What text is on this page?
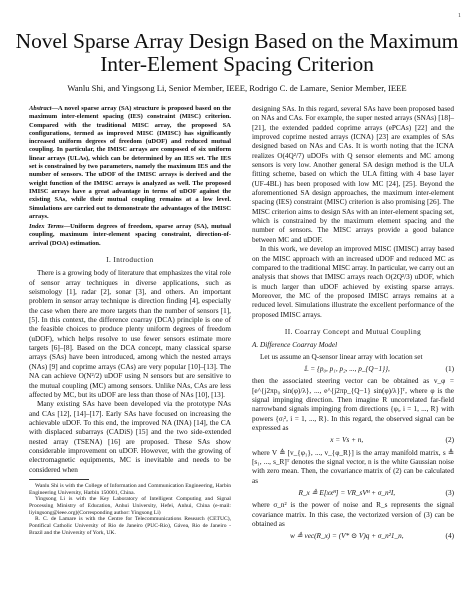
1
Novel Sparse Array Design Based on the Maximum Inter-Element Spacing Criterion
Wanlu Shi, and Yingsong Li, Senior Member, IEEE, Rodrigo C. de Lamare, Senior Member, IEEE
Abstract—A novel sparse array (SA) structure is proposed based on the maximum inter-element spacing (IES) constraint (MISC) criterion. Compared with the traditional MISC array, the proposed SA configurations, termed as improved MISC (IMISC) has significantly increased uniform degrees of freedom (uDOF) and reduced mutual coupling. In particular, the IMISC arrays are composed of six uniform linear arrays (ULAs), which can be determined by an IES set. The IES set is constrained by two parameters, namely the maximum IES and the number of sensors. The uDOF of the IMISC arrays is derived and the weight function of the IMISC arrays is analyzed as well. The proposed IMISC arrays have a great advantage in terms of uDOF against the existing SAs, while their mutual coupling remains at a low level. Simulations are carried out to demonstrate the advantages of the IMISC arrays.
Index Terms—Uniform degrees of freedom, sparse array (SA), mutual coupling, maximum inter-element spacing constraint, direction-of-arrival (DOA) estimation.
I. Introduction

There is a growing body of literature that emphasizes the vital role of sensor array techniques in diverse applications, such as seismology [1], radar [2], sonar [3], and others. An important problem in sensor array technique is direction finding [4], especially the case when there are more targets than the number of sensors [1], [5]. In this context, the difference coarray (DCA) principle is one of the feasible choices to produce plenty uniform degrees of freedom (uDOF), which helps resolve to use fewer sensors estimate more targets [6]–[8]. Based on the DCA concept, many classical sparse arrays (SAs) have been introduced, among which the nested arrays (NAs) [9] and coprime arrays (CAs) are very popular [10]–[13]. The NA can achieve O(N²/2) uDOF using N sensors but are sensitive to the mutual coupling (MC) among sensors. Unlike NAs, CAs are less affected by MC, but its uDOF are less than those of NAs [10], [13].

Many existing SAs have been developed via the prototype NAs and CAs [12], [14]–[17]. Early SAs have focused on increasing the achievable uDOF. To this end, the improved NA (INA) [14], the CA with displaced subarrays (CADiS) [15] and the two side-extended nested array (TSENA) [16] are proposed. These SAs show considerable improvement on uDOF. However, with the growing of electromagnetic equipments, MC is inevitable and needs to be considered when

Wanlu Shi is with the College of Information and Communication Engineering, Harbin Engineering University, Harbin 150001, China.

Yingsong Li is with the Key Laboratory of Intelligent Computing and Signal Processing Ministry of Education, Anhui University, Hefei, Anhui, China (e-mail: liyingsong@ieee.org)(Corresponding author: Yingsong Li)

R. C. de Lamare is with the Centre for Telecommunications Research (CETUC), Pontifical Catholic University of Rio de Janeiro (PUC-Rio), Gávea, Rio de Janeiro - Brazil and the University of York, UK.

designing SAs. In this regard, several SAs have been proposed based on NAs and CAs. For example, the super nested arrays (SNAs) [18]–[21], the extended padded coprime arrays (ePCAs) [22] and the improved coprime nested arrays (ICNA) [23] are examples of SAs designed based on NAs and CAs. It is worth noting that the ICNA realizes O(4Q²/7) uDOFs with Q sensor elements and MC among sensors is very low. Another general SA design method is the ULA fitting scheme, based on which the ULA fitting with 4 base layer (UF-4BL) has been proposed with low MC [24], [25]. Beyond the aforementioned SA design approaches, the maximum inter-element spacing (IES) constraint (MISC) criterion is also promising [26]. The MISC criterion aims to design SAs with an inter-element spacing set, which is constrained by the maximum element spacing and the number of sensors. The MISC arrays provide a good balance between MC and uDOF.

In this work, we develop an improved MISC (IMISC) array based on the MISC approach with an increased uDOF and reduced MC as compared to the traditional MISC array. In particular, we carry out an analysis that shows that IMISC arrays reach O(2Q²/3) uDOF, which is much larger than uDOF achieved by existing sparse arrays. Moreover, the MC of the proposed IMISC arrays remains at a reduced level. Simulations illustrate the excellent performance of the proposed IMISC arrays.

II. Coarray Concept and Mutual Coupling
A. Difference Coarray Model

Let us assume an Q-sensor linear array with location set

𝕃 = {p₀, p₁, p₂, ..., p_{Q−1}},	(1)

then the associated steering vector can be obtained as v_φ = [e^{j2πp₀ sin(φ)/λ}, ..., e^{j2πp_{Q−1} sin(φ)/λ}]ᵀ, where φ is the signal impinging direction. Then imagine R uncorrelated far-field narrowband signals impinging from directions {φᵢ, i = 1, ..., R} with powers {σᵢ², i = 1, ..., R}. In this regard, the observed signal can be expressed as

x = Vs + n,	(2)

where V ≜ [v_{φ₁}, ..., v_{φ_R}] is the array manifold matrix, s ≜ [s₁, ..., s_R]ᵀ denotes the signal vector, n is the white Gaussian noise with zero mean. Then, the covariance matrix of (2) can be calculated as

R_x ≜ E[xxᴴ] = VR_sVᴴ + σ_n²I,	(3)

where σ_n² is the power of noise and R_s represents the signal covariance matrix. In this case, the vectorized version of (3) can be obtained as

w ≜ vec(R_x) = (V* ⊙ V)q + σ_n²1_n,	(4)
